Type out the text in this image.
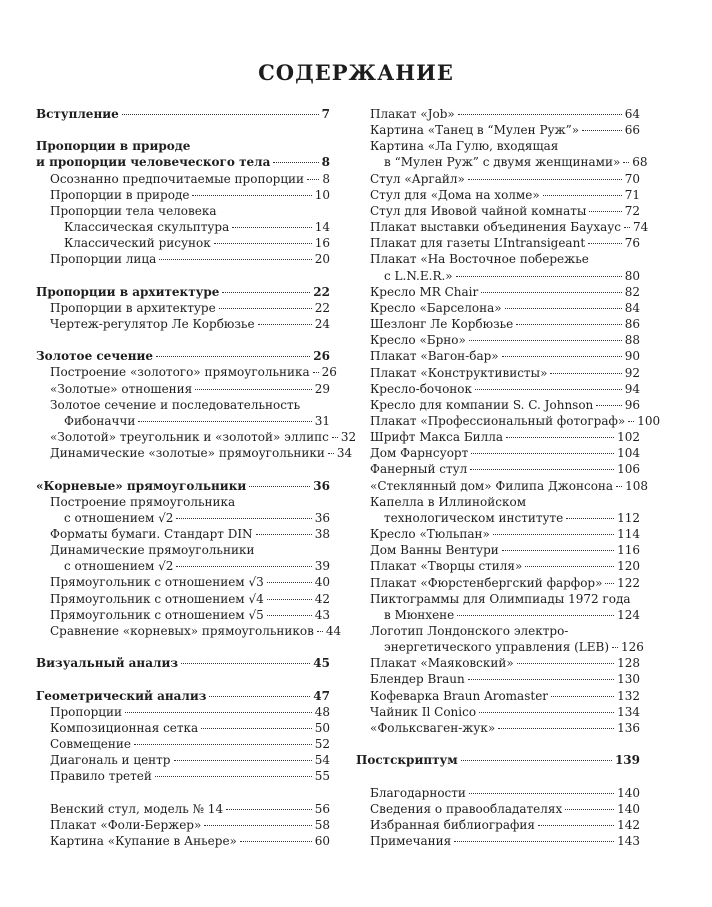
СОДЕРЖАНИЕ
Вступление	7
Пропорции в природе
и пропорции человеческого тела	8
Осознанно предпочитаемые пропорции 8
Пропорции в природе	10
Пропорции тела человека
Классическая скульптура	14
Классический рисунок	16
Пропорции лица	20
Пропорции в архитектуре	22
Пропорции в архитектуре	22
Чертеж-регулятор Ле Корбюзье	24
Золотое сечение	26
Построение «золотого» прямоугольника 26
«Золотые» отношения	29
Золотое сечение и последовательность
Фибоначчи	31
«Золотой» треугольник и «золотой» эллипс 32
Динамические «золотые» прямоугольники 34
«Корневые» прямоугольники	36
Построение прямоугольника
с отношением √2	36
Форматы бумаги. Стандарт DIN	38
Динамические прямоугольники
с отношением √2	39
Прямоугольник с отношением √3	40
Прямоугольник с отношением √4	42
Прямоугольник с отношением √5	43
Сравнение «корневых» прямоугольников 44
Визуальный анализ	45
Геометрический анализ	47
Пропорции	48
Композиционная сетка	50
Совмещение	52
Диагональ и центр	54
Правило третей	55
Венский стул, модель № 14	56
Плакат «Фоли-Бержер»	58
Картина «Купание в Аньере»	60
Плакат «Job»	64
Картина «Танец в “Мулен Руж”»	66
Картина «Ла Гулю, входящая
в “Мулен Руж” с двумя женщинами» 68
Стул «Аргайл»	70
Стул для «Дома на холме»	71
Стул для Ивовой чайной комнаты	72
Плакат выставки объединения Баухаус 74
Плакат для газеты L’Intransigeant	76
Плакат «На Восточное побережье
с L.N.E.R.»	80
Кресло MR Chair	82
Кресло «Барселона»	84
Шезлонг Ле Корбюзье	86
Кресло «Брно»	88
Плакат «Вагон-бар»	90
Плакат «Конструктивисты»	92
Кресло-бочонок	94
Кресло для компании S. C. Johnson	96
Плакат «Профессиональный фотограф» 100
Шрифт Макса Билла	102
Дом Фарнсуорт	104
Фанерный стул	106
«Стеклянный дом» Филипа Джонсона 108
Капелла в Иллинойском
технологическом институте	112
Кресло «Тюльпан»	114
Дом Ванны Вентури	116
Плакат «Творцы стиля»	120
Плакат «Фюрстенбергский фарфор» 122
Пиктограммы для Олимпиады 1972 года
в Мюнхене	124
Логотип Лондонского электро-
энергетического управления (LEB) 126
Плакат «Маяковский»	128
Блендер Braun	130
Кофеварка Braun Aromaster	132
Чайник Il Conico	134
«Фольксваген-жук»	136
Постскриптум	139
Благодарности	140
Сведения о правообладателях	140
Избранная библиография	142
Примечания	143
